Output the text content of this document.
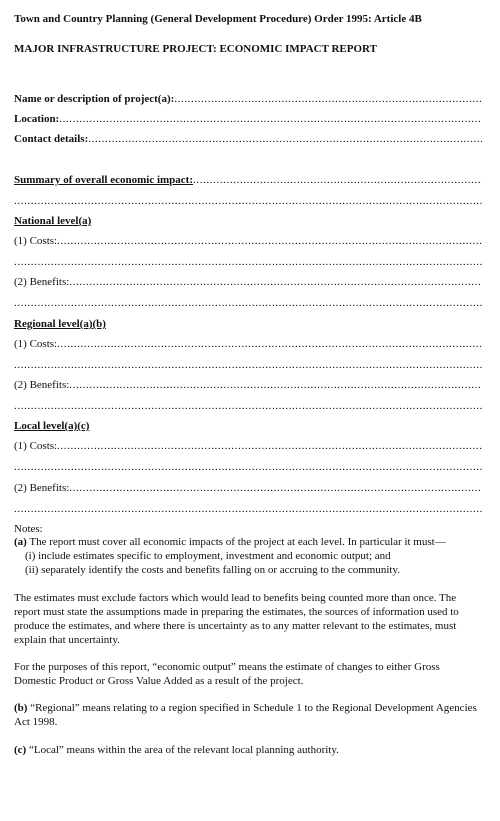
Town and Country Planning (General Development Procedure) Order 1995: Article 4B
MAJOR INFRASTRUCTURE PROJECT: ECONOMIC IMPACT REPORT
Name or description of project(a):
.....
Location:
.....
Contact details:
.....
Summary of overall economic impact:
.....
.....
National level(a)
(1) Costs:
.....
.....
(2) Benefits:
.....
.....
Regional level(a)(b)
(1) Costs:
.....
.....
(2) Benefits:
.....
.....
Local level(a)(c)
(1) Costs:
.....
.....
(2) Benefits:
.....
.....
Notes:
(a) The report must cover all economic impacts of the project at each level. In particular it must—
(i) include estimates specific to employment, investment and economic output; and
(ii) separately identify the costs and benefits falling on or accruing to the community.
The estimates must exclude factors which would lead to benefits being counted more than once. The report must state the assumptions made in preparing the estimates, the sources of information used to produce the estimates, and where there is uncertainty as to any matter relevant to the estimates, must explain that uncertainty.
For the purposes of this report, “economic output” means the estimate of changes to either Gross Domestic Product or Gross Value Added as a result of the project.
(b) “Regional” means relating to a region specified in Schedule 1 to the Regional Development Agencies Act 1998.
(c) “Local” means within the area of the relevant local planning authority.
